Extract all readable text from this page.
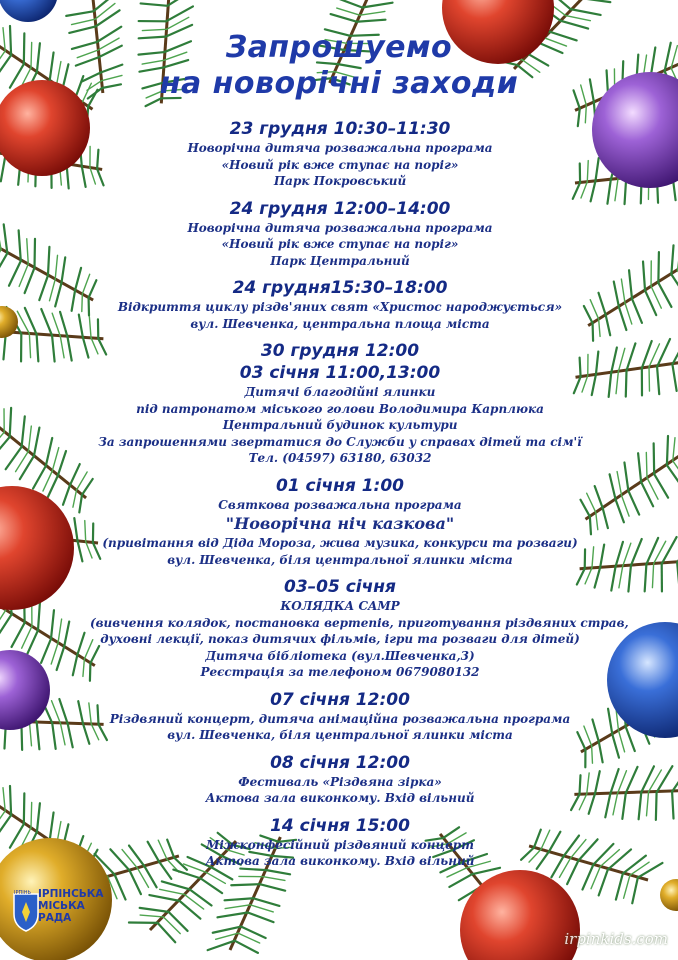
Запрошуемо
на новорічні заходи
23 грудня 10:30–11:30
Новорічна дитяча розважальна програма
«Новий рік вже ступає на поріг»
Парк Покровський
24 грудня 12:00–14:00
Новорічна дитяча розважальна програма
«Новий рік вже ступає на поріг»
Парк Центральний
24 грудня15:30–18:00
Відкриття циклу різдв'яних свят «Христос народжується»
вул. Шевченка, центральна площа міста
30 грудня 12:00
03 січня 11:00,13:00
Дитячі благодійні ялинки
під патронатом міського голови Володимира Карплюка
Центральний будинок культури
За запрошеннями звертатися до Служби у справах дітей та сім'ї
Тел. (04597) 63180, 63032
01 січня 1:00
Святкова розважальна програма
"Новорічна ніч казкова"
(привітання від Діда Мороза, жива музика, конкурси та розваги)
вул. Шевченка, біля центральної ялинки міста
03–05 січня
КОЛЯДКА CAMP
(вивчення колядок, постановка вертепів, приготування різдвяних страв,
духовні лекції, показ дитячих фільмів, ігри та розваги для дітей)
Дитяча бібліотека (вул.Шевченка,3)
Реєстрація за телефоном 0679080132
07 січня 12:00
Різдвяний концерт, дитяча анімаційна розважальна програма
вул. Шевченка, біля центральної ялинки міста
08 січня 12:00
Фестиваль «Різдвяна зірка»
Актова зала виконкому. Вхід вільний
14 січня 15:00
Міжконфесійний різдвяний концерт
Актова зала виконкому. Вхід вільний
ІРПІНЬ ІРПІНСЬКА
МІСЬКА
РАДА
irpinkids.com
